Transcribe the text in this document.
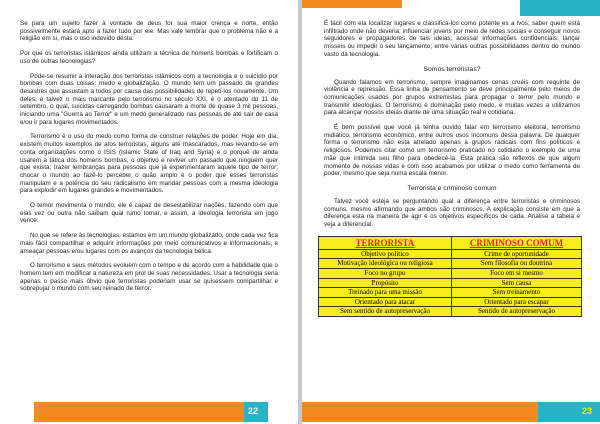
Se para um sujeito fazer à vontade de deus for sua maior crença e norte, então possivelmente estará apto a fazer tudo por ele. Mas vale lembrar que o problema não é a religião em si, mas o uso indevido desta.

Por que os terroristas islâmicos ainda utilizam a técnica de homens bombas e fortificam o uso de outras tecnologias?

Pode-se resumir a interação dos terroristas islâmicos com a tecnologia e o suicídio por bombas com duas coisas: medo e globalização. O mundo tem um passado de grandes desastres que assustam a todos por causa das possibilidades de repeti-los novamente. Um deles, e talvez o mais marcante pelo terrorismo no século XXI, é o atentado do 11 de setembro, o qual, suicidas carregando bombas causaram a morte de quase 3 mil pessoas, iniciando uma "Guerra ao Terror" e um medo generalizado nas pessoas de até sair de casa e/ou ir para lugares movimentados.

Terrorismo é o uso do medo como forma de construir relações de poder. Hoje em dia, existem muitos exemplos de atos terroristas, alguns até mascarados, mas levando-se em conta organizações como o ISIS (Islamic State of Iraq and Syria) e o porquê de ainda usarem a tática dos homens bombas, o objetivo é reviver um passado que ninguém quer que exista; trazer lembranças para pessoas que já experimentaram aquele tipo de terror; chocar o mundo ao fazê-lo perceber o quão amplo é o poder que esses terroristas manipulam e a potência do seu radicalismo em mandar pessoas com a mesma ideologia para explodir em lugares grandes e movimentados.

O temor movimenta o mundo, ele é capaz de desestabilizar nações, fazendo com que elas vez ou outra não saibam qual rumo tomar, e assim, a ideologia terrorista em jogo vence.

No que se refere às tecnologias, estamos em um mundo globalizado, onde cada vez fica mais fácil compartilhar e adquirir informações por meio comunicativos e informacionais, e ameaçar pessoas e/ou lugares com os avanços da tecnologia bélica.

O terrorismo e seus métodos evoluem com o tempo e de acordo com a habilidade que o homem tem em modificar a natureza em prol de suas necessidades. Usar a tecnologia seria apenas o passo mais óbvio que terroristas poderiam usar se quisessem compartilhar e sobrepujar o mundo com seu reinado de terror.

22

É fácil com ela localizar lugares e classifica-los como potente es a lvos; saber quem está infiltrado onde não deveria; influenciar jovens por meio de redes sociais e conseguir novos seguidores e propagadores de tais ideias; acessar informações confidenciais; lançar mísseis ou impedir o seu lançamento; entre várias outras possibilidades dentro do mundo vasto da tecnologia.

Somos terroristas?

Quando falamos em terrorismo, sempre imaginamos cenas cruéis com requinte de violência e repressão. Essa linha de pensamento se deve principalmente pelo meios de comunicações usados por grupos extremistas para propagar o terror pelo mundo e transmitir ideologias. O terrorismo é dominação pelo medo, e muitas vezes a utilizamos para alcançar nossos ideias diante de uma situação real e cotidiana.

É bem possível que você já tenha ouvido falar em terrorismo eleitoral, terrorismo midiático, terrorismo econômico, entre outros usos incomuns dessa palavra. De qualquer forma o terrorismo não esta atrelado apenas a grupos radicais com fins políticos e religiosos. Podemos citar como um terrorismo praticado no cotidiano o exemplo de uma mãe que intimida seu filho para obedecê-la. Esta prática são reflexos de que algum momento de nossas vidas e com isso acabamos por utilizar o medo como ferramenta de poder, mesmo que seja numa escala menor.

Terrorista e criminoso comum

Talvez você esteja se perguntando qual a diferença entre terroristas e criminosos comuns, mesmo afirmando que ambos são criminosos. A explicação consiste em que a diferença esta na maneira de agir e os objetivos específicos de cada. Analise a tabela e veja a diferencial.

TERRORISTA	CRIMINOSO COMUM
Objetivo político	Crime de oportunidade
Motivação ideológica ou religiosa	Sem filosofia ou doutrina
Foco no grupo	Foco em si mesmo
Propósito	Sem causa
Treinado para uma missão	Sem treinamento
Orientado para atacar	Orientado para escapar
Sem sentido de autopreservação	Sentido de autopreservação
23
